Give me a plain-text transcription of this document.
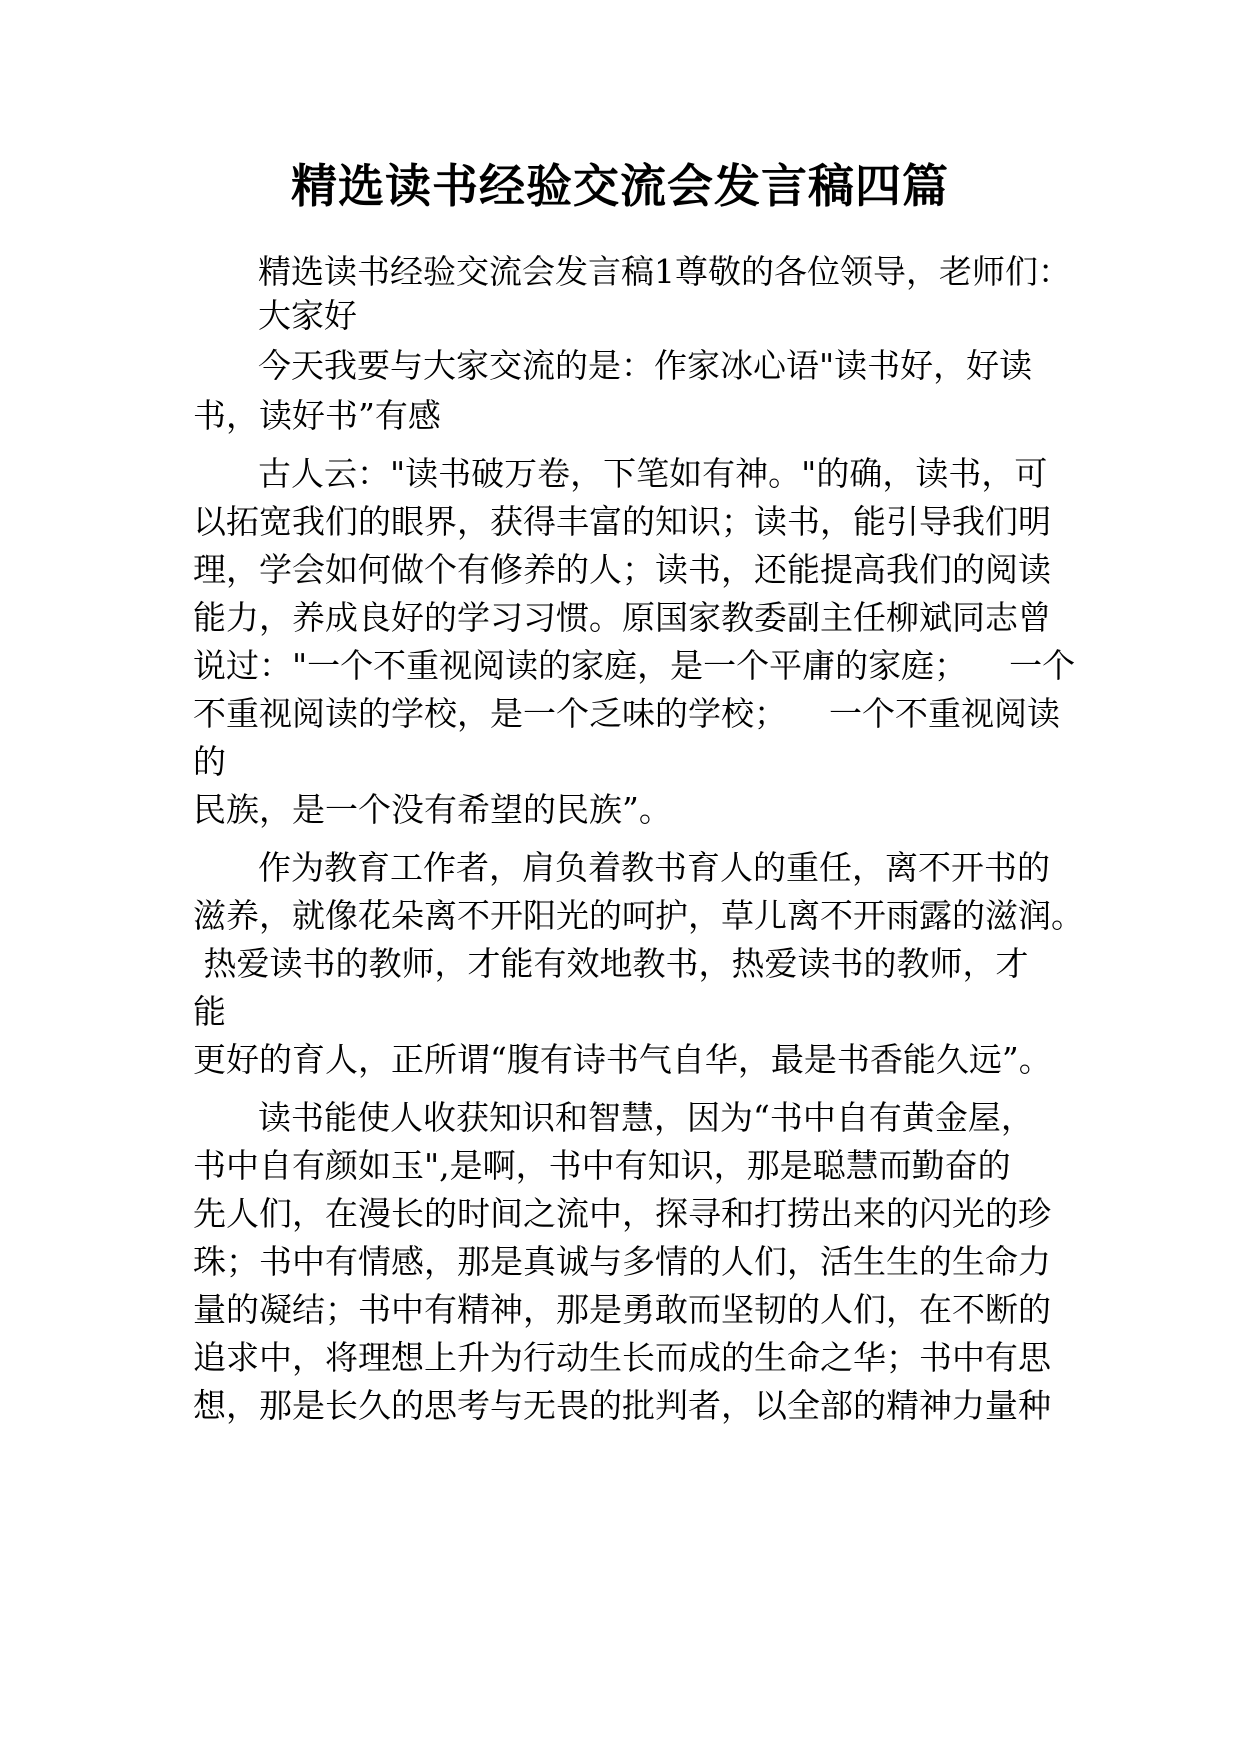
精选读书经验交流会发言稿四篇
精选读书经验交流会发言稿1尊敬的各位领导，老师们：
大家好
今天我要与大家交流的是：作家冰心语"读书好，好读
书，读好书”有感
古人云："读书破万卷，下笔如有神。"的确，读书，可
以拓宽我们的眼界，获得丰富的知识；读书，能引导我们明
理，学会如何做个有修养的人；读书，还能提高我们的阅读
能力，养成良好的学习习惯。原国家教委副主任柳斌同志曾
说过："一个不重视阅读的家庭，是一个平庸的家庭；    一个
不重视阅读的学校，是一个乏味的学校；    一个不重视阅读
的
民族，是一个没有希望的民族”。
作为教育工作者，肩负着教书育人的重任，离不开书的
滋养，就像花朵离不开阳光的呵护，草儿离不开雨露的滋润。
热爱读书的教师，才能有效地教书，热爱读书的教师，才
能
更好的育人，正所谓“腹有诗书气自华，最是书香能久远”。
读书能使人收获知识和智慧，因为“书中自有黄金屋，
书中自有颜如玉",是啊，书中有知识，那是聪慧而勤奋的
先人们，在漫长的时间之流中，探寻和打捞出来的闪光的珍
珠；书中有情感，那是真诚与多情的人们，活生生的生命力
量的凝结；书中有精神，那是勇敢而坚韧的人们，在不断的
追求中，将理想上升为行动生长而成的生命之华；书中有思
想，那是长久的思考与无畏的批判者，以全部的精神力量种
